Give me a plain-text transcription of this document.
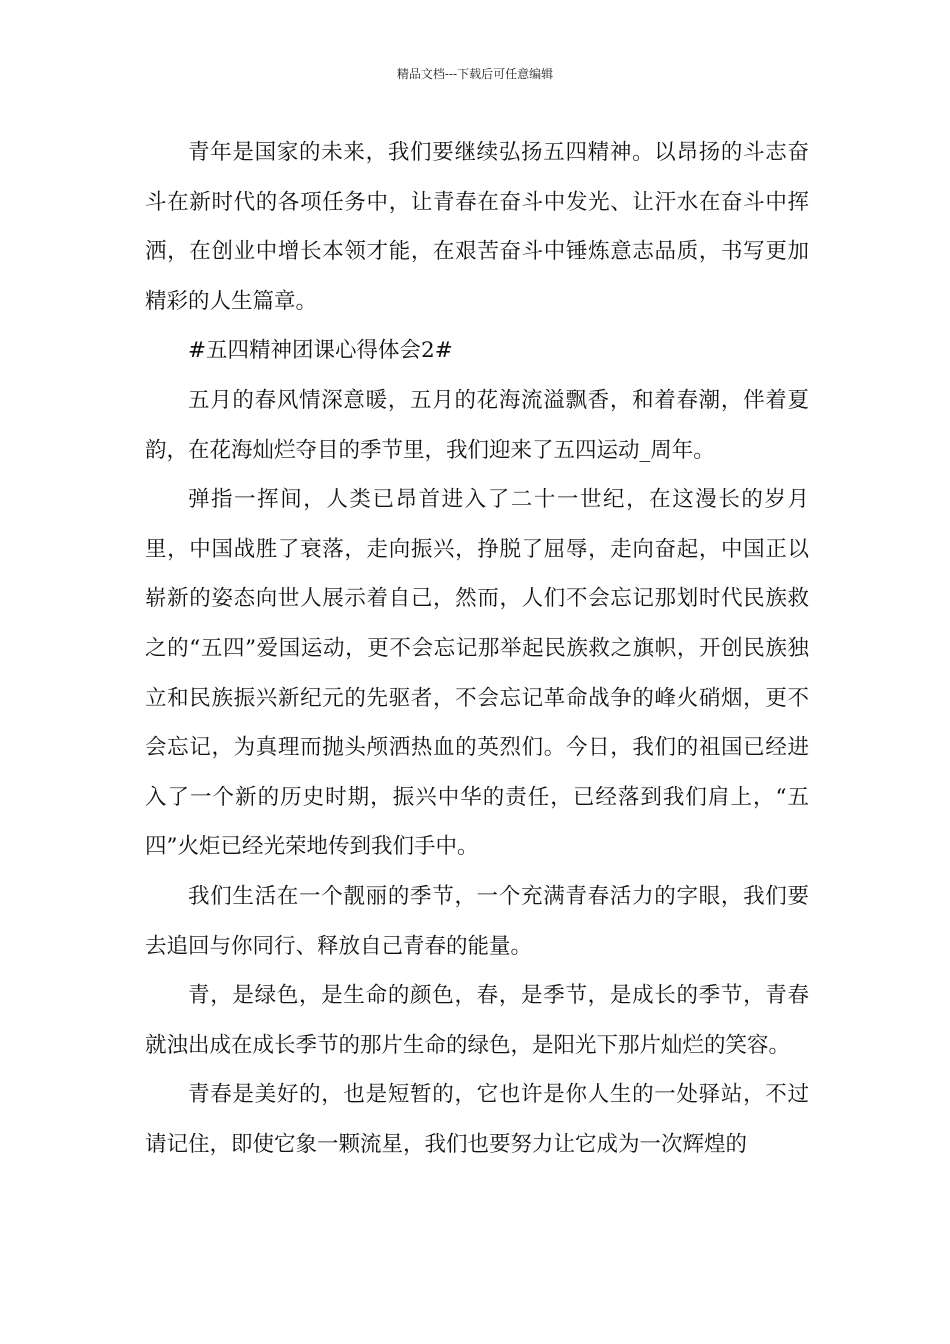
精品文档---下载后可任意编辑

青年是国家的未来，我们要继续弘扬五四精神。以昂扬的斗志奋斗在新时代的各项任务中，让青春在奋斗中发光、让汗水在奋斗中挥洒，在创业中增长本领才能，在艰苦奋斗中锤炼意志品质，书写更加精彩的人生篇章。

#五四精神团课心得体会2#

五月的春风情深意暖，五月的花海流溢飘香，和着春潮，伴着夏韵，在花海灿烂夺目的季节里，我们迎来了五四运动_周年。

弹指一挥间，人类已昂首进入了二十一世纪，在这漫长的岁月里，中国战胜了衰落，走向振兴，挣脱了屈辱，走向奋起，中国正以崭新的姿态向世人展示着自己，然而，人们不会忘记那划时代民族救之的“五四”爱国运动，更不会忘记那举起民族救之旗帜，开创民族独立和民族振兴新纪元的先驱者，不会忘记革命战争的峰火硝烟，更不会忘记，为真理而抛头颅洒热血的英烈们。今日，我们的祖国已经进入了一个新的历史时期，振兴中华的责任，已经落到我们肩上，“五四”火炬已经光荣地传到我们手中。

我们生活在一个靓丽的季节，一个充满青春活力的字眼，我们要去追回与你同行、释放自己青春的能量。

青，是绿色，是生命的颜色，春，是季节，是成长的季节，青春就浊出成在成长季节的那片生命的绿色，是阳光下那片灿烂的笑容。

青春是美好的，也是短暂的，它也许是你人生的一处驿站，不过请记住，即使它象一颗流星，我们也要努力让它成为一次辉煌的
